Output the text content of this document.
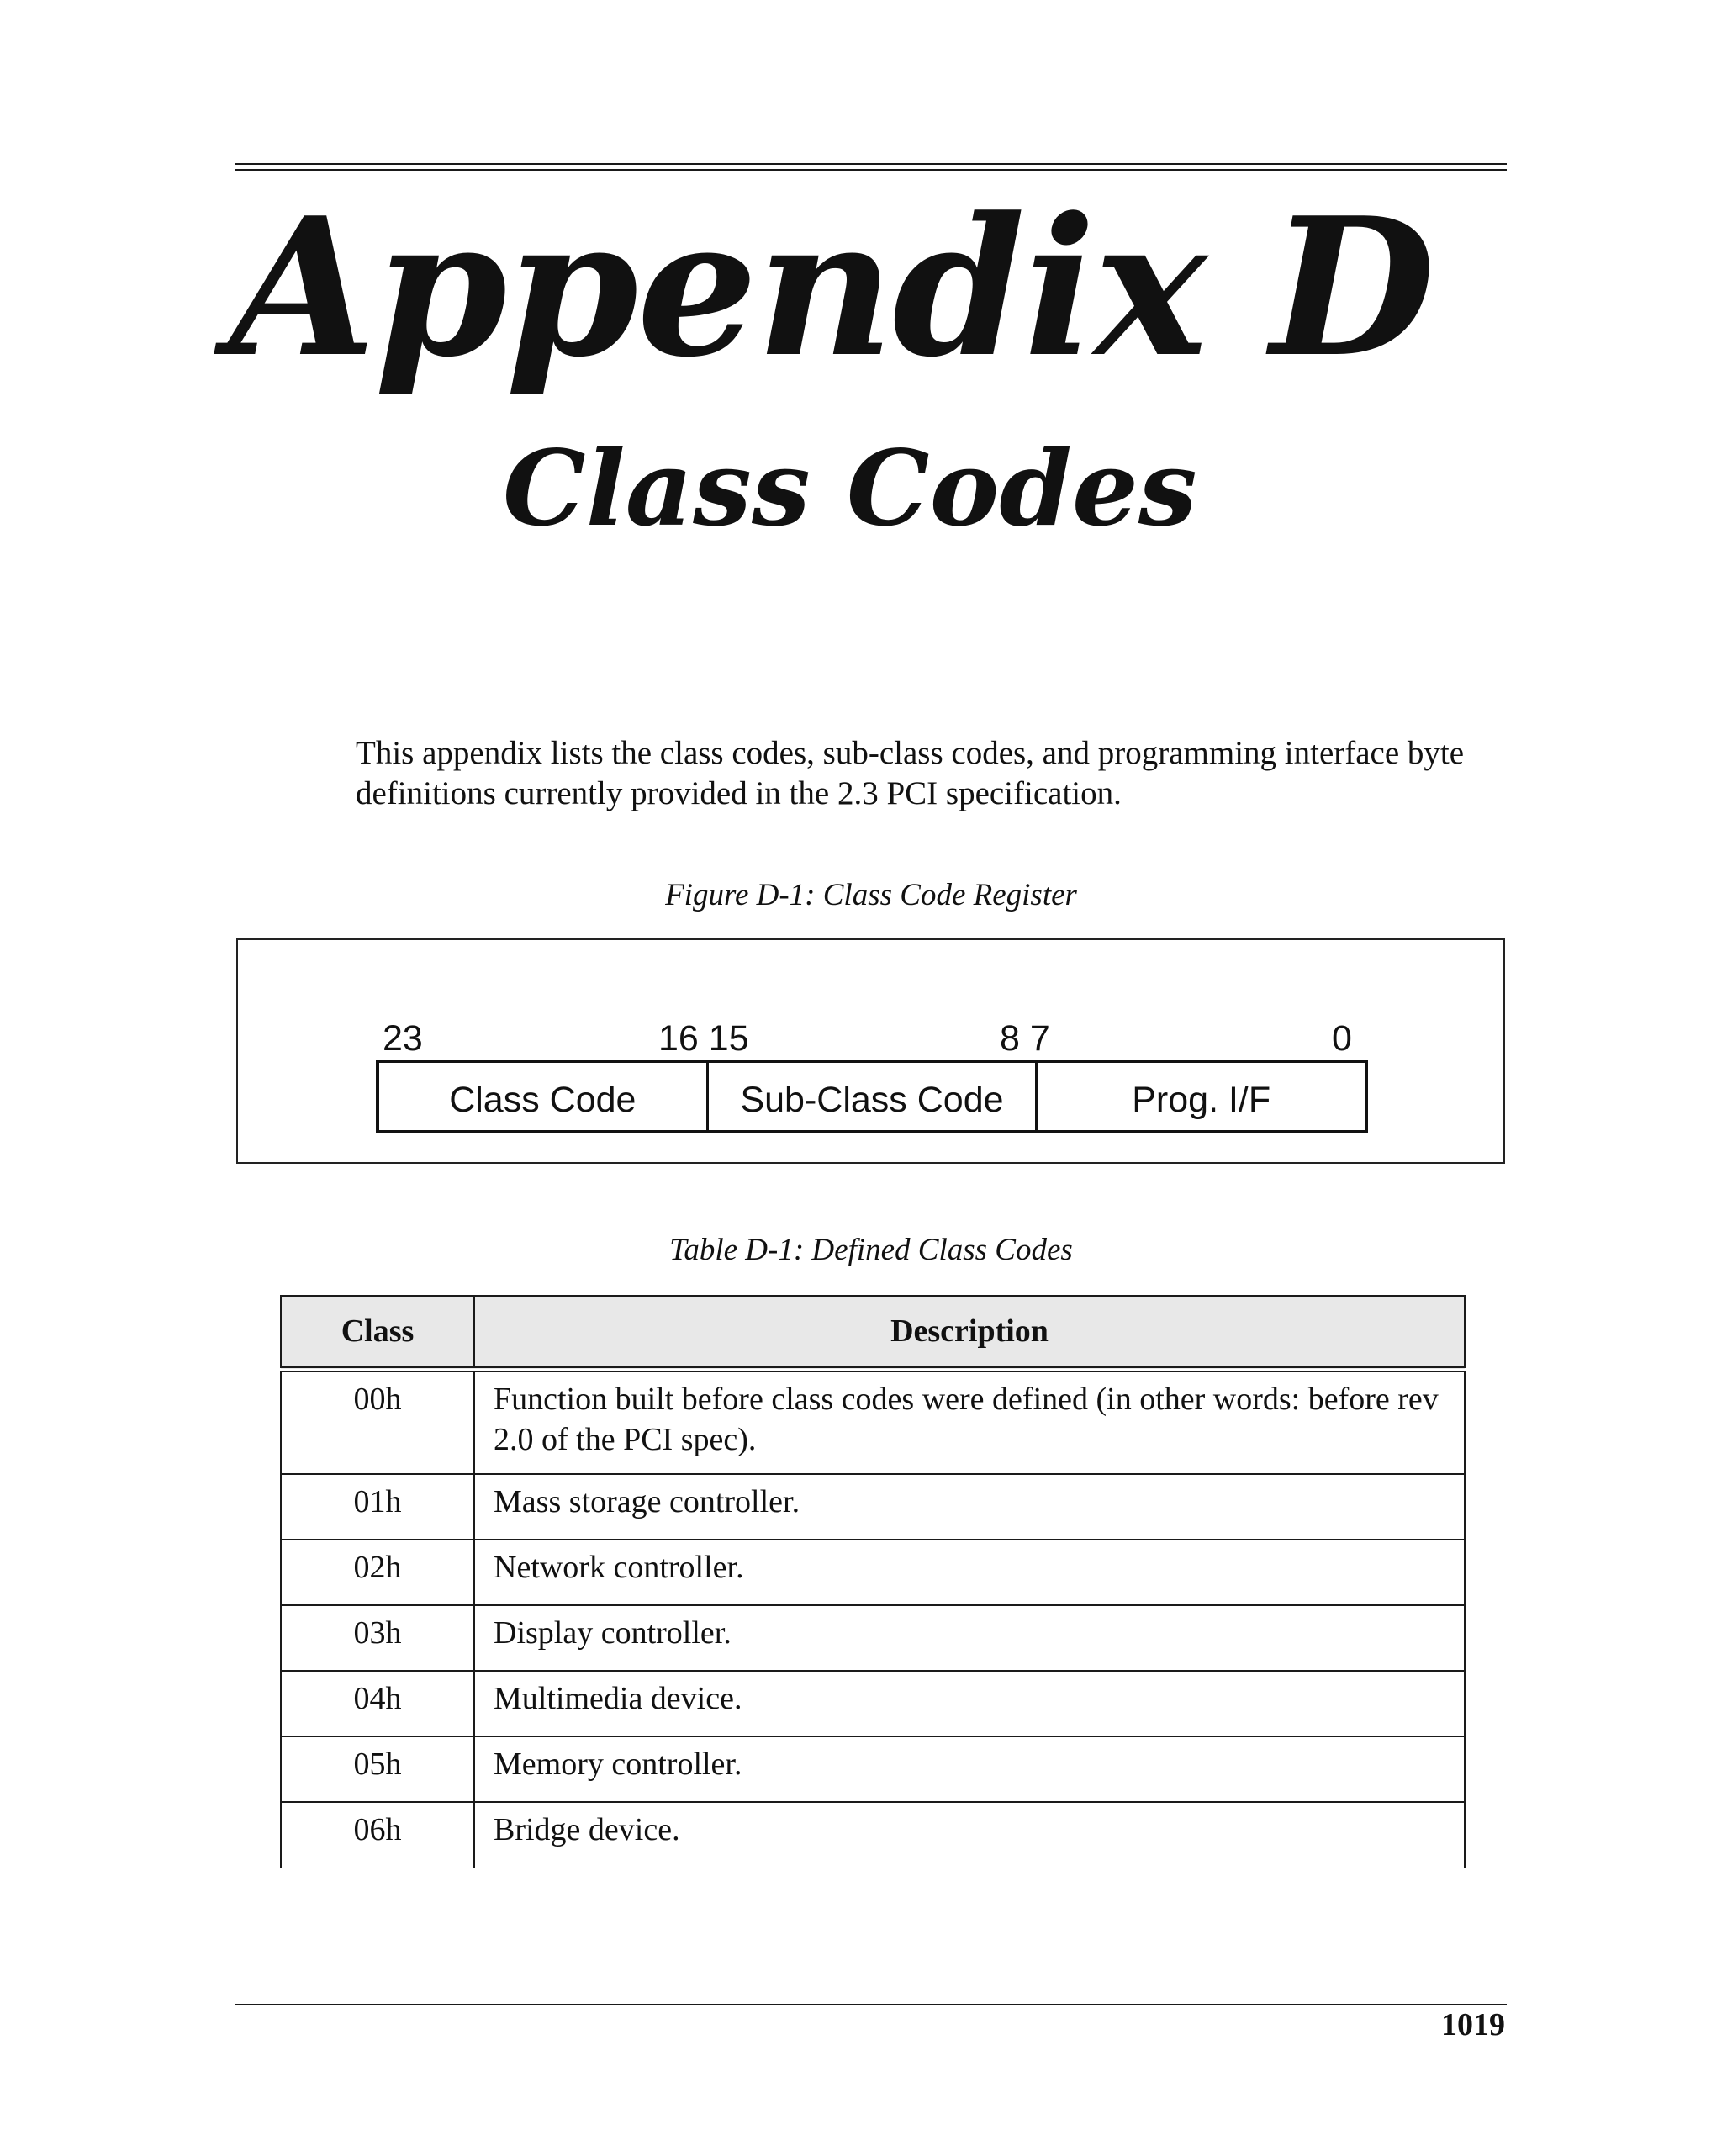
Appendix D
Class Codes

This appendix lists the class codes, sub-class codes, and programming interface byte definitions currently provided in the 2.3 PCI specification.

Figure D-1: Class Code Register

23	16 15	8 7	0
Class Code	Sub-Class Code	Prog. I/F

Table D-1: Defined Class Codes

Class	Description
00h	Function built before class codes were defined (in other words: before rev 2.0 of the PCI spec).
01h	Mass storage controller.
02h	Network controller.
03h	Display controller.
04h	Multimedia device.
05h	Memory controller.
06h	Bridge device.

1019
